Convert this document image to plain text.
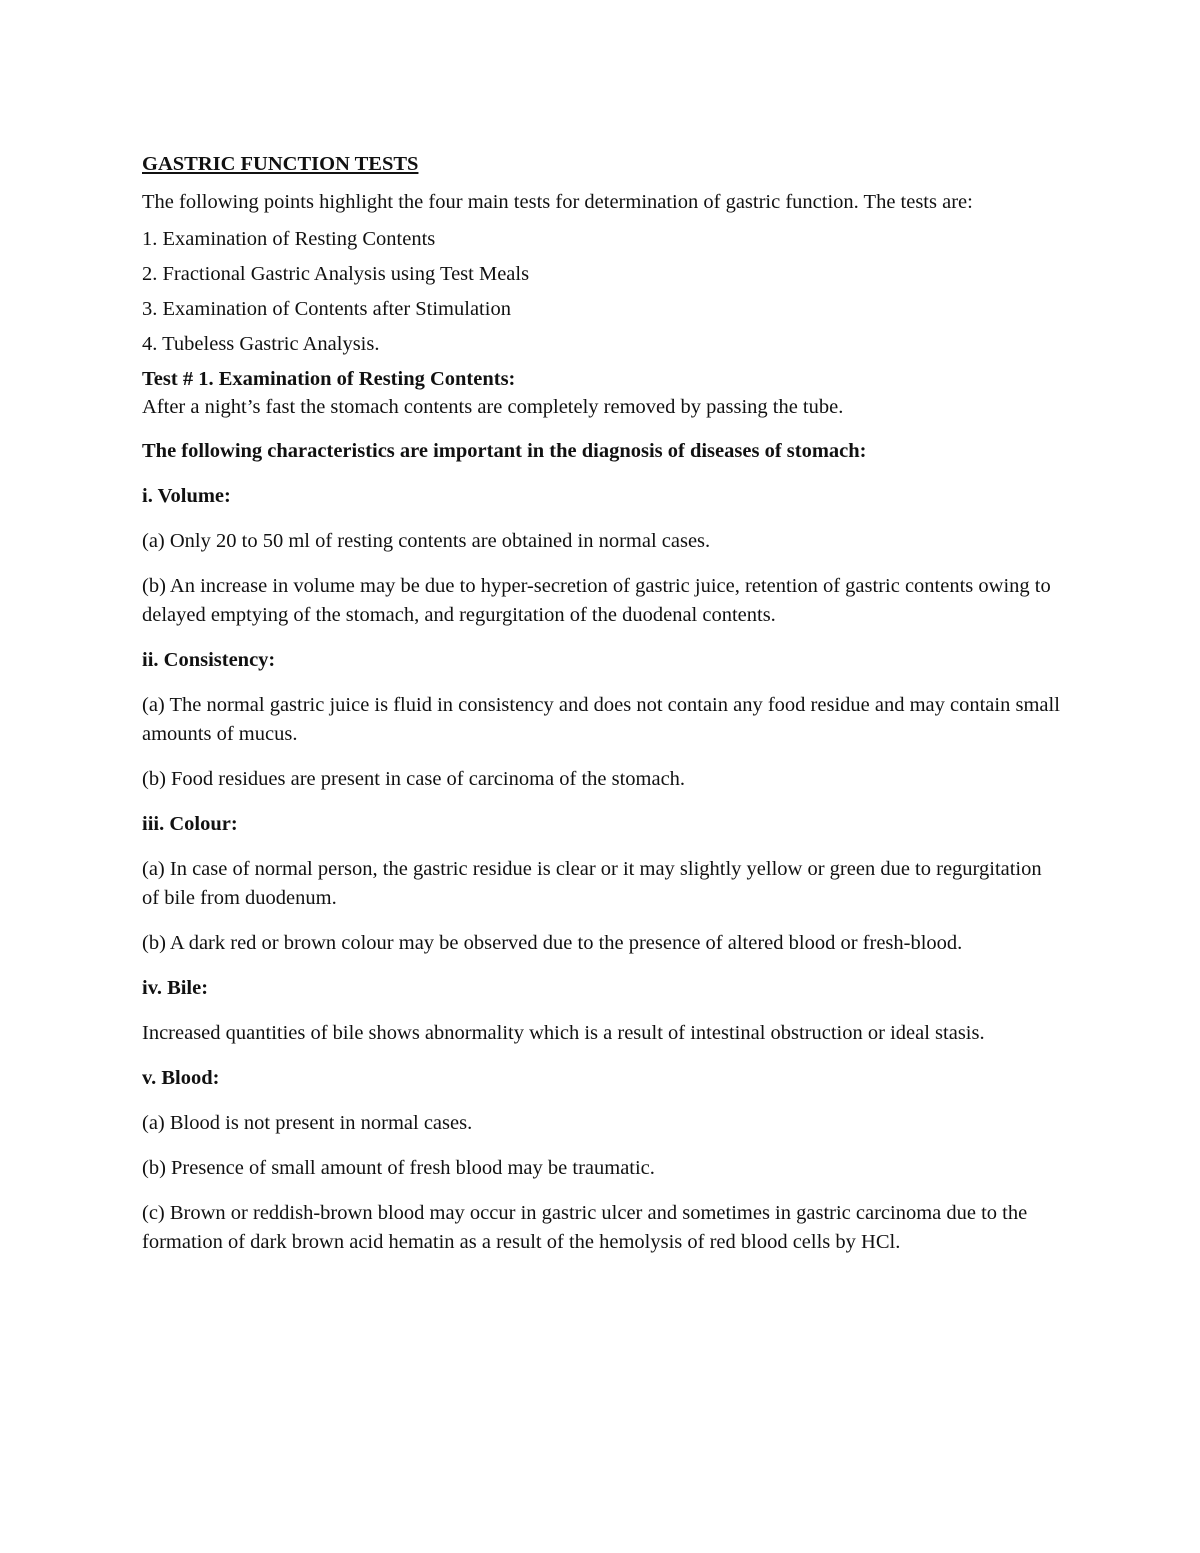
GASTRIC FUNCTION TESTS

The following points highlight the four main tests for determination of gastric function. The tests are:

1. Examination of Resting Contents

2. Fractional Gastric Analysis using Test Meals

3. Examination of Contents after Stimulation

4. Tubeless Gastric Analysis.

Test # 1. Examination of Resting Contents:

After a night’s fast the stomach contents are completely removed by passing the tube.

The following characteristics are important in the diagnosis of diseases of stomach:

i. Volume:

(a) Only 20 to 50 ml of resting contents are obtained in normal cases.

(b) An increase in volume may be due to hyper-secretion of gastric juice, retention of gastric contents owing to delayed emptying of the stomach, and regurgitation of the duodenal contents.

ii. Consistency:

(a) The normal gastric juice is fluid in consistency and does not contain any food residue and may contain small amounts of mucus.

(b) Food residues are present in case of carcinoma of the stomach.

iii. Colour:

(a) In case of normal person, the gastric residue is clear or it may slightly yellow or green due to regurgitation of bile from duodenum.

(b) A dark red or brown colour may be observed due to the presence of altered blood or fresh-blood.

iv. Bile:

Increased quantities of bile shows abnormality which is a result of intestinal obstruction or ideal stasis.

v. Blood:

(a) Blood is not present in normal cases.

(b) Presence of small amount of fresh blood may be traumatic.

(c) Brown or reddish-brown blood may occur in gastric ulcer and sometimes in gastric carcinoma due to the formation of dark brown acid hematin as a result of the hemolysis of red blood cells by HCl.
